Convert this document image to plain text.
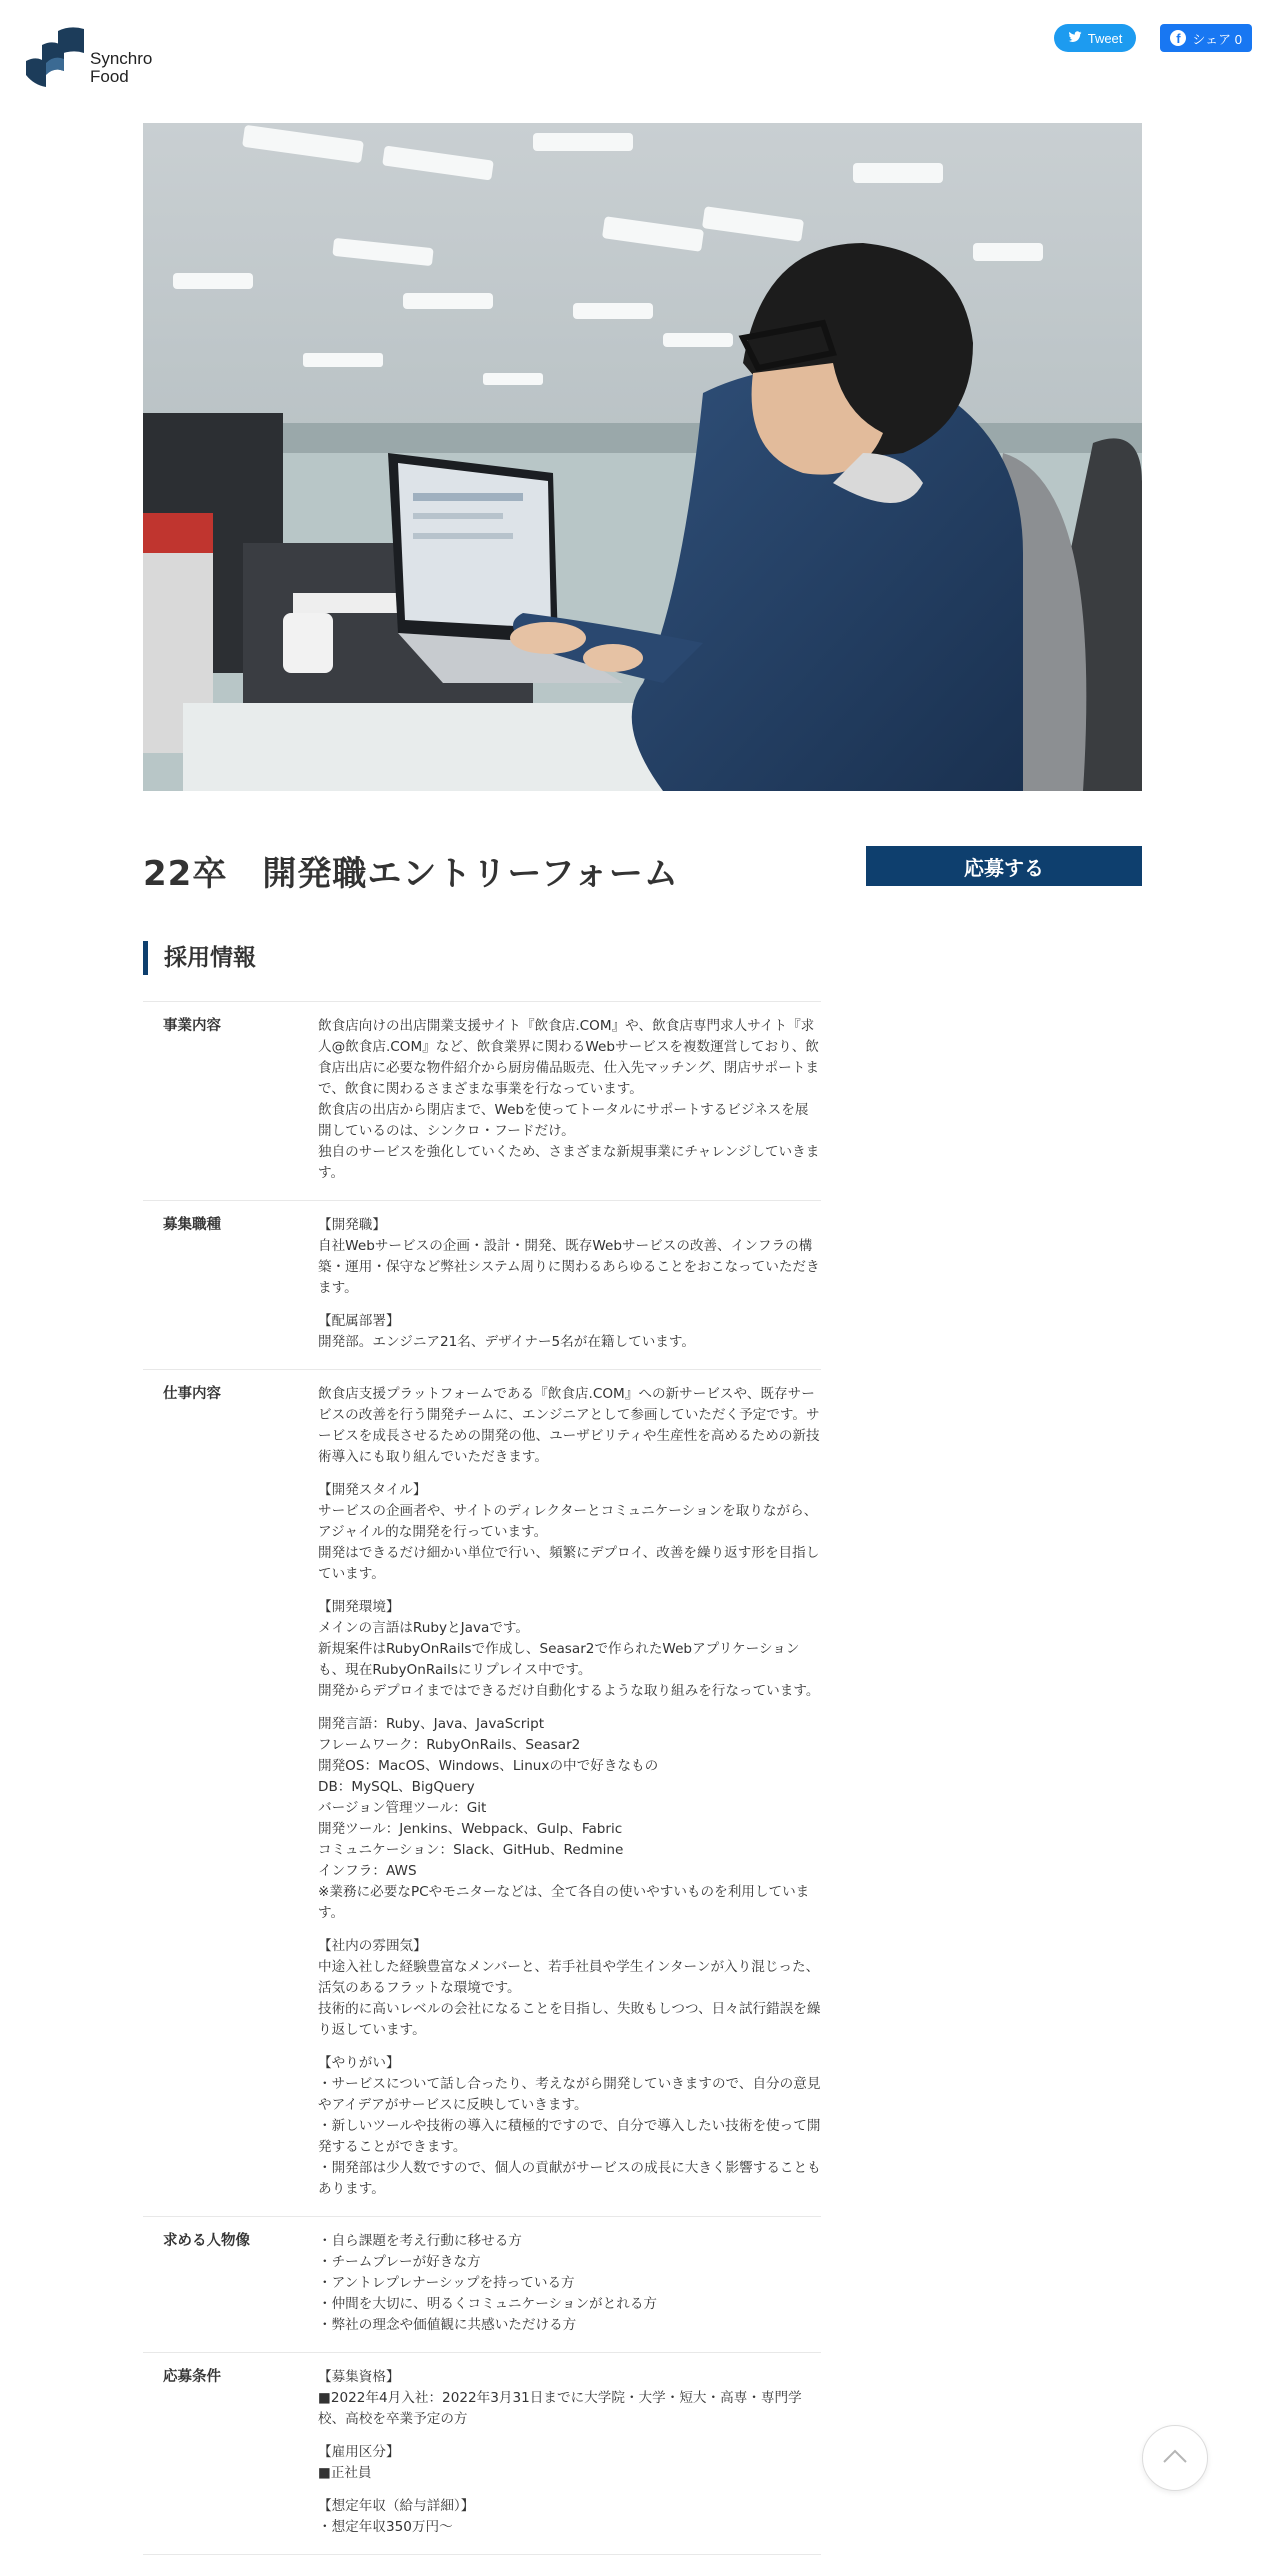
Synchro
Food
Tweet	f シェア 0
22卒　開発職エントリーフォーム	応募する
採用情報
事業内容	飲食店向けの出店開業支援サイト『飲食店.COM』や、飲食店専門求人サイト『求人@飲食店.COM』など、飲食業界に関わるWebサービスを複数運営しており、飲食店出店に必要な物件紹介から厨房備品販売、仕入先マッチング、閉店サポートまで、飲食に関わるさまざまな事業を行なっています。
飲食店の出店から閉店まで、Webを使ってトータルにサポートするビジネスを展開しているのは、シンクロ・フードだけ。
独自のサービスを強化していくため、さまざまな新規事業にチャレンジしていきます。

募集職種	【開発職】
自社Webサービスの企画・設計・開発、既存Webサービスの改善、インフラの構築・運用・保守など弊社システム周りに関わるあらゆることをおこなっていただきます。

【配属部署】
開発部。エンジニア21名、デザイナー5名が在籍しています。

仕事内容	飲食店支援プラットフォームである『飲食店.COM』への新サービスや、既存サービスの改善を行う開発チームに、エンジニアとして参画していただく予定です。サービスを成長させるための開発の他、ユーザビリティや生産性を高めるための新技術導入にも取り組んでいただきます。

【開発スタイル】
サービスの企画者や、サイトのディレクターとコミュニケーションを取りながら、アジャイル的な開発を行っています。
開発はできるだけ細かい単位で行い、頻繁にデプロイ、改善を繰り返す形を目指しています。

【開発環境】
メインの言語はRubyとJavaです。
新規案件はRubyOnRailsで作成し、Seasar2で作られたWebアプリケーションも、現在RubyOnRailsにリプレイス中です。
開発からデプロイまではできるだけ自動化するような取り組みを行なっています。

開発言語：Ruby、Java、JavaScript
フレームワーク：RubyOnRails、Seasar2
開発OS：MacOS、Windows、Linuxの中で好きなもの
DB：MySQL、BigQuery
バージョン管理ツール：Git
開発ツール：Jenkins、Webpack、Gulp、Fabric
コミュニケーション：Slack、GitHub、Redmine
インフラ：AWS
※業務に必要なPCやモニターなどは、全て各自の使いやすいものを利用しています。

【社内の雰囲気】
中途入社した経験豊富なメンバーと、若手社員や学生インターンが入り混じった、活気のあるフラットな環境です。
技術的に高いレベルの会社になることを目指し、失敗もしつつ、日々試行錯誤を繰り返しています。

【やりがい】
・サービスについて話し合ったり、考えながら開発していきますので、自分の意見やアイデアがサービスに反映していきます。
・新しいツールや技術の導入に積極的ですので、自分で導入したい技術を使って開発することができます。
・開発部は少人数ですので、個人の貢献がサービスの成長に大きく影響することもあります。

求める人物像	・自ら課題を考え行動に移せる方
・チームプレーが好きな方
・アントレプレナーシップを持っている方
・仲間を大切に、明るくコミュニケーションがとれる方
・弊社の理念や価値観に共感いただける方

応募条件	【募集資格】
■2022年4月入社：2022年3月31日までに大学院・大学・短大・高専・専門学校、高校を卒業予定の方

【雇用区分】
■正社員

【想定年収（給与詳細）】
・想定年収350万円〜
